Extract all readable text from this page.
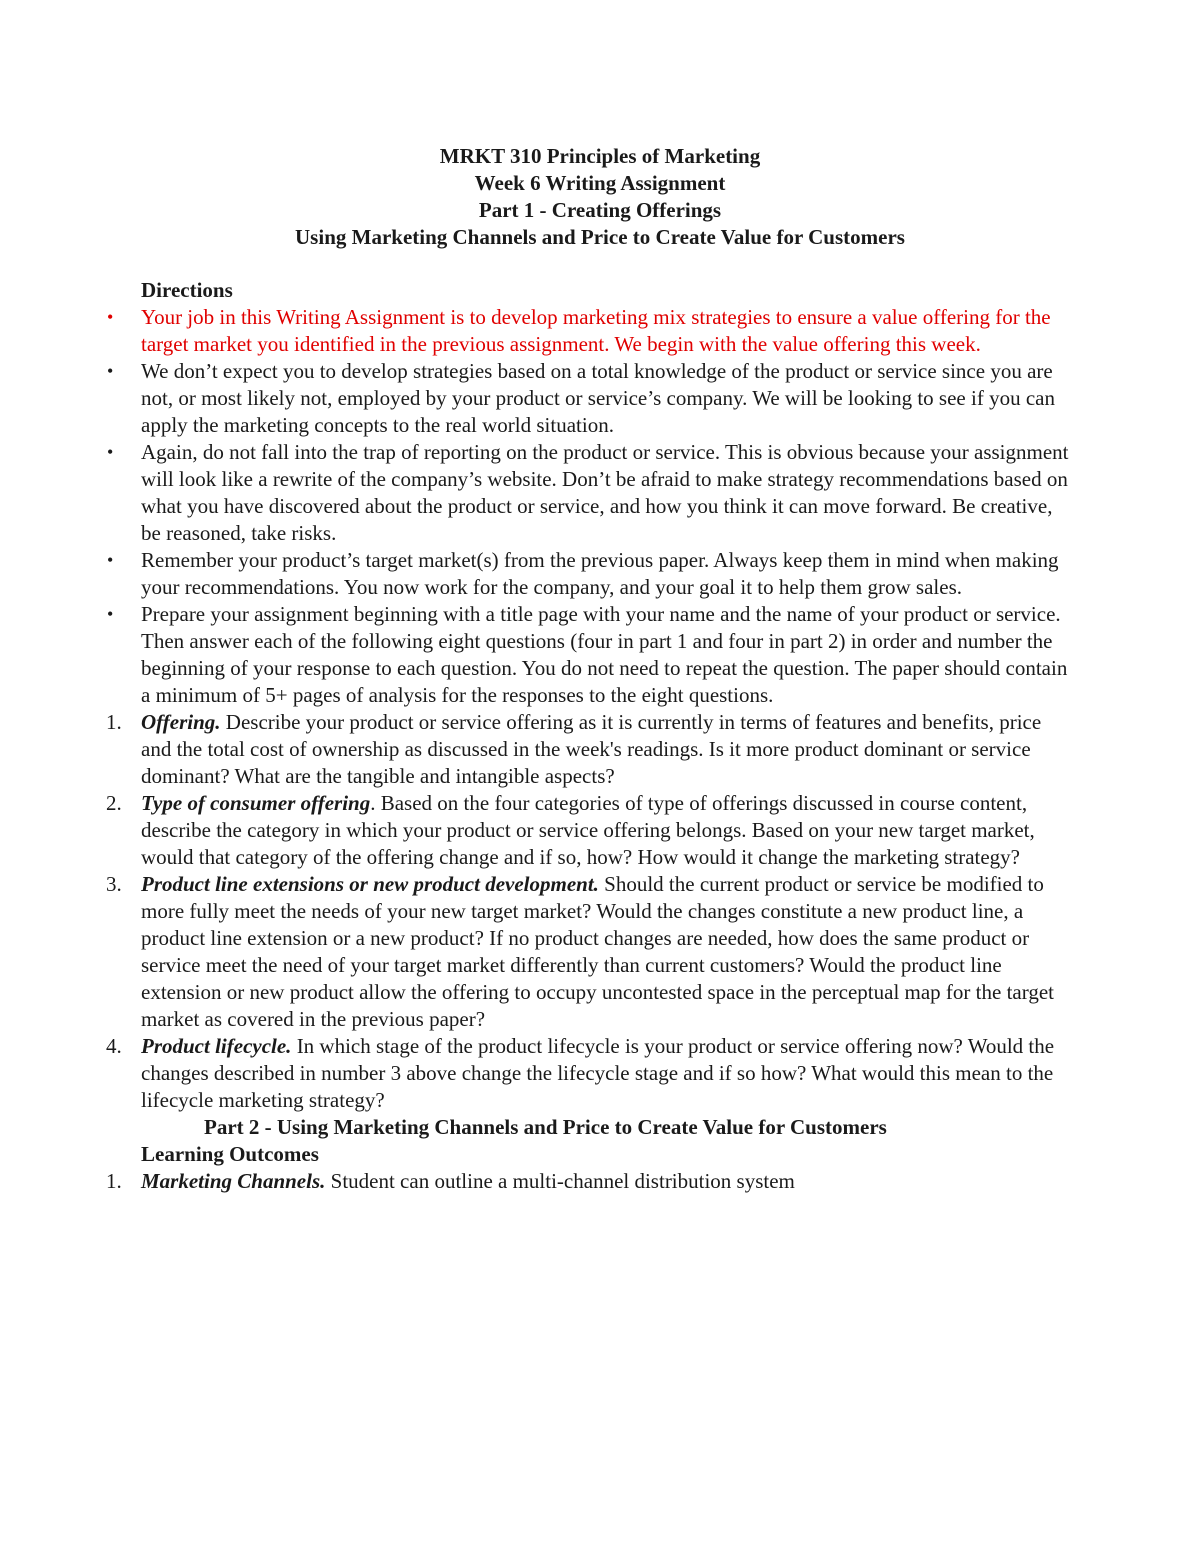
MRKT 310 Principles of Marketing
Week 6 Writing Assignment
Part 1 - Creating Offerings
Using Marketing Channels and Price to Create Value for Customers
Directions
•	Your job in this Writing Assignment is to develop marketing mix strategies to ensure a value offering for the target market you identified in the previous assignment. We begin with the value offering this week.
•	We don’t expect you to develop strategies based on a total knowledge of the product or service since you are not, or most likely not, employed by your product or service’s company. We will be looking to see if you can apply the marketing concepts to the real world situation.
•	Again, do not fall into the trap of reporting on the product or service. This is obvious because your assignment will look like a rewrite of the company’s website. Don’t be afraid to make strategy recommendations based on what you have discovered about the product or service, and how you think it can move forward. Be creative, be reasoned, take risks.
•	Remember your product’s target market(s) from the previous paper. Always keep them in mind when making your recommendations. You now work for the company, and your goal it to help them grow sales.
•	Prepare your assignment beginning with a title page with your name and the name of your product or service. Then answer each of the following eight questions (four in part 1 and four in part 2) in order and number the beginning of your response to each question. You do not need to repeat the question. The paper should contain a minimum of 5+ pages of analysis for the responses to the eight questions.
1. Offering. Describe your product or service offering as it is currently in terms of features and benefits, price and the total cost of ownership as discussed in the week's readings. Is it more product dominant or service dominant? What are the tangible and intangible aspects?
2. Type of consumer offering. Based on the four categories of type of offerings discussed in course content, describe the category in which your product or service offering belongs. Based on your new target market, would that category of the offering change and if so, how? How would it change the marketing strategy?
3. Product line extensions or new product development. Should the current product or service be modified to more fully meet the needs of your new target market? Would the changes constitute a new product line, a product line extension or a new product? If no product changes are needed, how does the same product or service meet the need of your target market differently than current customers? Would the product line extension or new product allow the offering to occupy uncontested space in the perceptual map for the target market as covered in the previous paper?
4. Product lifecycle. In which stage of the product lifecycle is your product or service offering now? Would the changes described in number 3 above change the lifecycle stage and if so how? What would this mean to the lifecycle marketing strategy?
Part 2 - Using Marketing Channels and Price to Create Value for Customers
Learning Outcomes
1. Marketing Channels. Student can outline a multi-channel distribution system
